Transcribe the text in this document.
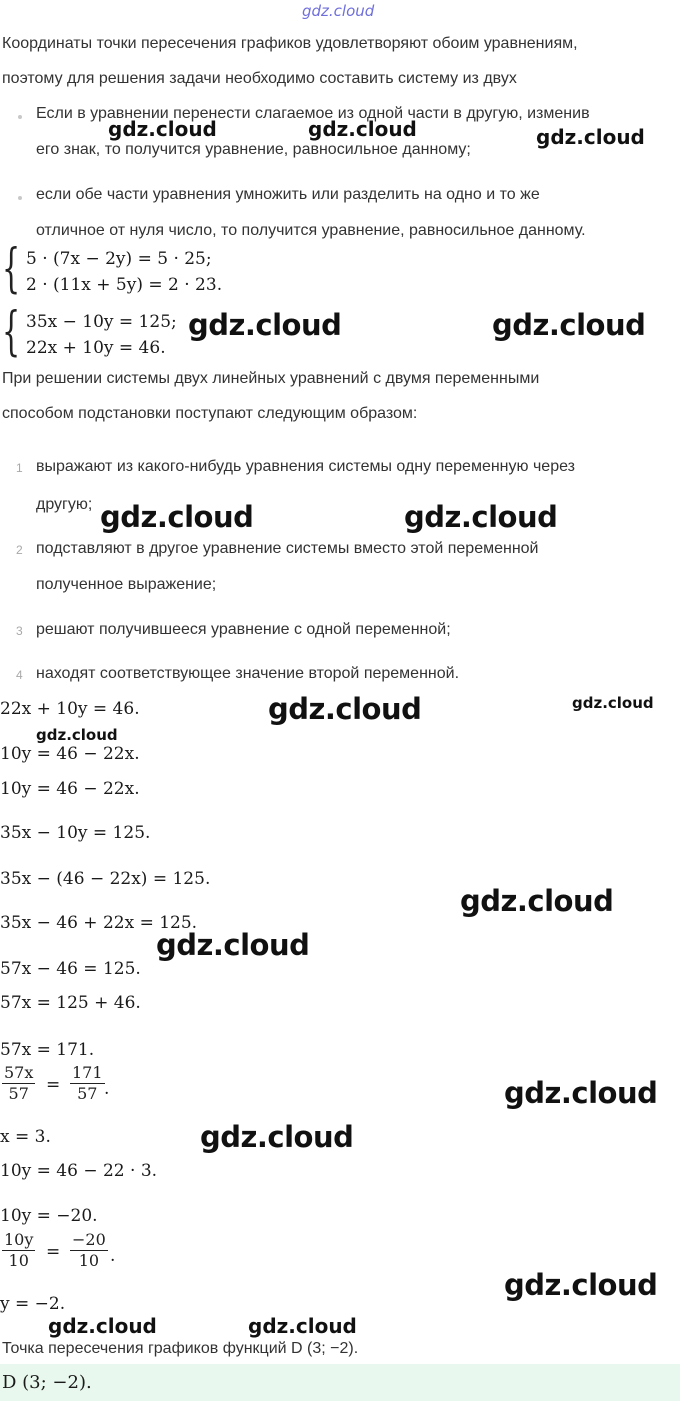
gdz.cloud
Координаты точки пересечения графиков удовлетворяют обоим уравнениям,
поэтому для решения задачи необходимо составить систему из двух
Если в уравнении перенести слагаемое из одной части в другую, изменив
его знак, то получится уравнение, равносильное данному;
если обе части уравнения умножить или разделить на одно и то же
отличное от нуля число, то получится уравнение, равносильное данному.
{ 5 · (7x − 2y) = 5 · 25;
2 · (11x + 5y) = 2 · 23.
{ 35x − 10y = 125;
22x + 10y = 46.
При решении системы двух линейных уравнений с двумя переменными
способом подстановки поступают следующим образом:
1 выражают из какого-нибудь уравнения системы одну переменную через
другую;
2 подставляют в другое уравнение системы вместо этой переменной
полученное выражение;
3 решают получившееся уравнение с одной переменной;
4 находят соответствующее значение второй переменной.
22x + 10y = 46.
10y = 46 − 22x.
10y = 46 − 22x.
35x − 10y = 125.
35x − (46 − 22x) = 125.
35x − 46 + 22x = 125.
57x − 46 = 125.
57x = 125 + 46.
57x = 171.
$\frac{57x}{57} = \frac{171}{57}$ .
x = 3.
10y = 46 − 22 · 3.
10y = −20.
$\frac{10y}{10} = \frac{-20}{10}$ .
y = −2.
Точка пересечения графиков функций D (3; −2).
D (3; −2).
gdz.cloud	gdz.cloud	gdz.cloud
gdz.cloud	gdz.cloud
gdz.cloud	gdz.cloud
gdz.cloud	gdz.cloud
gdz.cloud
gdz.cloud
gdz.cloud
gdz.cloud
gdz.cloud
gdz.cloud
gdz.cloud	gdz.cloud
